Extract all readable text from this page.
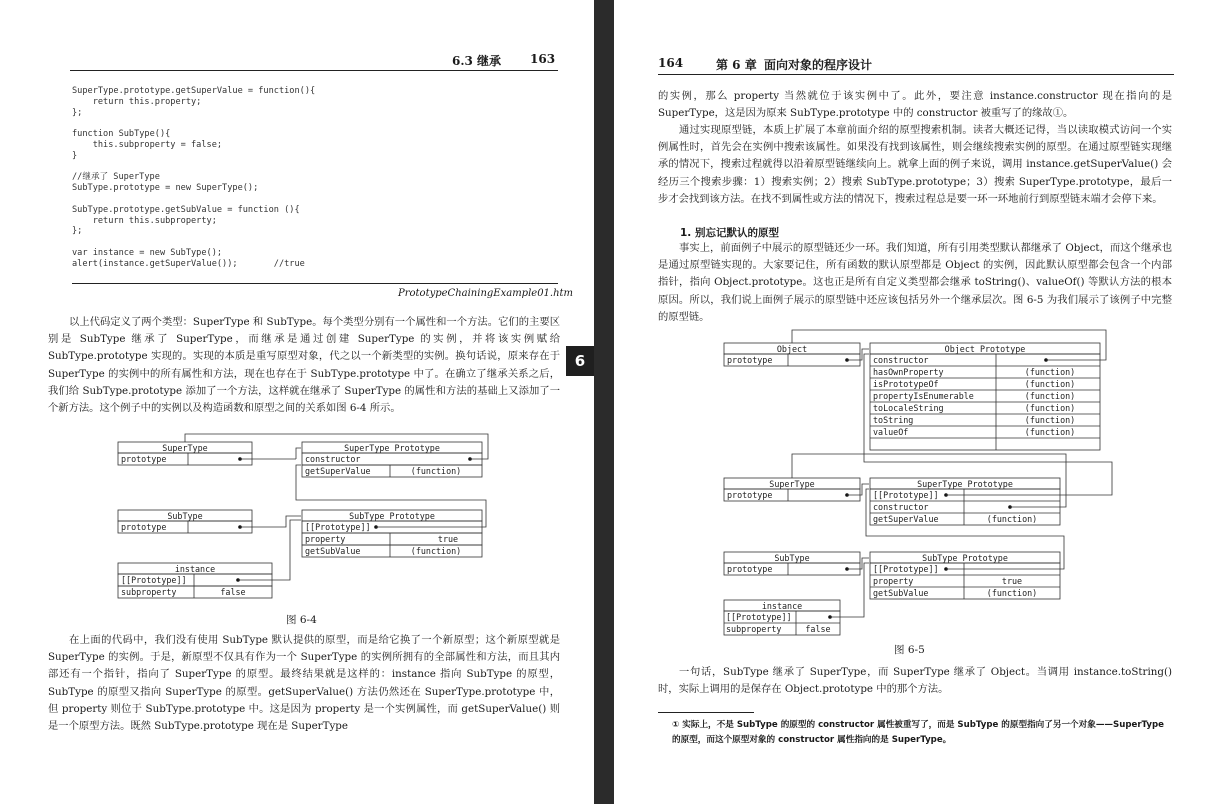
6.3 继承 163
SuperType.prototype.getSuperValue = function(){
return this.property;
};

function SubType(){
this.subproperty = false;
}

//继承了 SuperType
SubType.prototype = new SuperType();

SubType.prototype.getSubValue = function (){
return this.subproperty;
};

var instance = new SubType();
alert(instance.getSuperValue());       //true
PrototypeChainingExample01.htm

以上代码定义了两个类型：SuperType 和 SubType。每个类型分别有一个属性和一个方法。它们的主要区别是 SubType 继承了 SuperType，而继承是通过创建 SuperType 的实例，并将该实例赋给 SubType.prototype 实现的。实现的本质是重写原型对象，代之以一个新类型的实例。换句话说，原来存在于 SuperType 的实例中的所有属性和方法，现在也存在于 SubType.prototype 中了。在确立了继承关系之后，我们给 SubType.prototype 添加了一个方法，这样就在继承了 SuperType 的属性和方法的基础上又添加了一个新方法。这个例子中的实例以及构造函数和原型之间的关系如图 6-4 所示。

SuperType
prototype
SuperType Prototype
constructor
getSuperValue	(function)
SubType
prototype
SubType Prototype
[[Prototype]]
property	true
getSubValue	(function)
instance
[[Prototype]]
subproperty	false
图 6-4

在上面的代码中，我们没有使用 SubType 默认提供的原型，而是给它换了一个新原型；这个新原型就是 SuperType 的实例。于是，新原型不仅具有作为一个 SuperType 的实例所拥有的全部属性和方法，而且其内部还有一个指针，指向了 SuperType 的原型。最终结果就是这样的：instance 指向 SubType 的原型，SubType 的原型又指向 SuperType 的原型。getSuperValue() 方法仍然还在 SuperType.prototype 中，但 property 则位于 SubType.prototype 中。这是因为 property 是一个实例属性，而 getSuperValue() 则是一个原型方法。既然 SubType.prototype 现在是 SuperType

6
164	第 6 章 面向对象的程序设计

的实例，那么 property 当然就位于该实例中了。此外，要注意 instance.constructor 现在指向的是 SuperType，这是因为原来 SubType.prototype 中的 constructor 被重写了的缘故①。

通过实现原型链，本质上扩展了本章前面介绍的原型搜索机制。读者大概还记得，当以读取模式访问一个实例属性时，首先会在实例中搜索该属性。如果没有找到该属性，则会继续搜索实例的原型。在通过原型链实现继承的情况下，搜索过程就得以沿着原型链继续向上。就拿上面的例子来说，调用 instance.getSuperValue() 会经历三个搜索步骤：1）搜索实例；2）搜索 SubType.prototype；3）搜索 SuperType.prototype，最后一步才会找到该方法。在找不到属性或方法的情况下，搜索过程总是要一环一环地前行到原型链末端才会停下来。

1. 别忘记默认的原型

事实上，前面例子中展示的原型链还少一环。我们知道，所有引用类型默认都继承了 Object，而这个继承也是通过原型链实现的。大家要记住，所有函数的默认原型都是 Object 的实例，因此默认原型都会包含一个内部指针，指向 Object.prototype。这也正是所有自定义类型都会继承 toString()、valueOf() 等默认方法的根本原因。所以，我们说上面例子展示的原型链中还应该包括另外一个继承层次。图 6-5 为我们展示了该例子中完整的原型链。

Object
prototype
Object Prototype
constructor
hasOwnProperty	(function)
isPrototypeOf	(function)
propertyIsEnumerable	(function)
toLocaleString	(function)
toString	(function)
valueOf	(function)
SuperType
prototype
SuperType Prototype
[[Prototype]]
constructor
getSuperValue	(function)
SubType
prototype
SubType Prototype
[[Prototype]]
property	true
getSubValue	(function)
instance
[[Prototype]]
subproperty	false
图 6-5

一句话，SubType 继承了 SuperType，而 SuperType 继承了 Object。当调用 instance.toString() 时，实际上调用的是保存在 Object.prototype 中的那个方法。

① 实际上，不是 SubType 的原型的 constructor 属性被重写了，而是 SubType 的原型指向了另一个对象——SuperType 的原型，而这个原型对象的 constructor 属性指向的是 SuperType。
